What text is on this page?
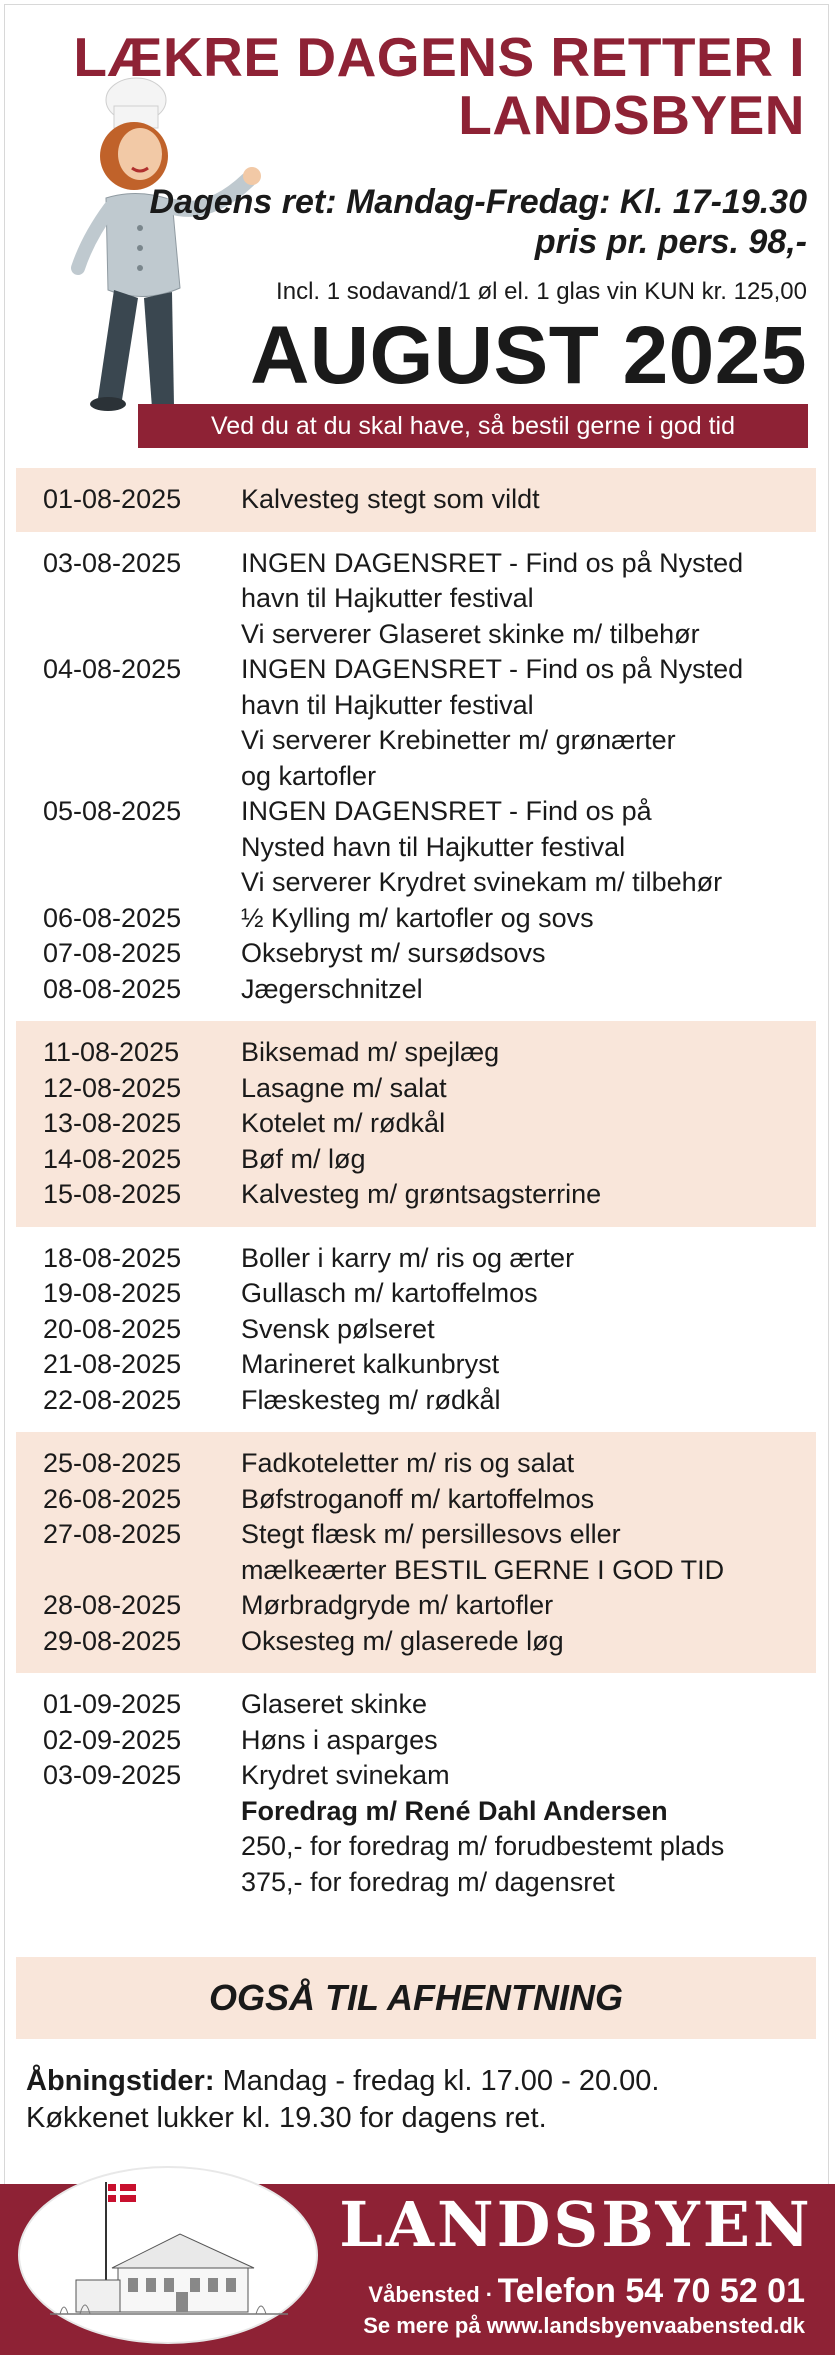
LÆKRE DAGENS RETTER I
LANDSBYEN
Dagens ret: Mandag-Fredag: Kl. 17-19.30
pris pr. pers. 98,-
Incl. 1 sodavand/1 øl el. 1 glas vin KUN kr. 125,00
AUGUST 2025
Ved du at du skal have, så bestil gerne i god tid
01-08-2025	Kalvesteg stegt som vildt
03-08-2025	INGEN DAGENSRET - Find os på Nysted
havn til Hajkutter festival
Vi serverer Glaseret skinke m/ tilbehør
04-08-2025	INGEN DAGENSRET - Find os på Nysted
havn til Hajkutter festival
Vi serverer Krebinetter m/ grønærter
og kartofler
05-08-2025	INGEN DAGENSRET - Find os på
Nysted havn til Hajkutter festival
Vi serverer Krydret svinekam m/ tilbehør
06-08-2025	½ Kylling m/ kartofler og sovs
07-08-2025	Oksebryst m/ sursødsovs
08-08-2025	Jægerschnitzel
11-08-2025	Biksemad m/ spejlæg
12-08-2025	Lasagne m/ salat
13-08-2025	Kotelet m/ rødkål
14-08-2025	Bøf m/ løg
15-08-2025	Kalvesteg m/ grøntsagsterrine
18-08-2025	Boller i karry m/ ris og ærter
19-08-2025	Gullasch m/ kartoffelmos
20-08-2025	Svensk pølseret
21-08-2025	Marineret kalkunbryst
22-08-2025	Flæskesteg m/ rødkål
25-08-2025	Fadkoteletter m/ ris og salat
26-08-2025	Bøfstroganoff m/ kartoffelmos
27-08-2025	Stegt flæsk m/ persillesovs eller
mælkeærter BESTIL GERNE I GOD TID
28-08-2025	Mørbradgryde m/ kartofler
29-08-2025	Oksesteg m/ glaserede løg
01-09-2025	Glaseret skinke
02-09-2025	Høns i asparges
03-09-2025	Krydret svinekam
Foredrag m/ René Dahl Andersen
250,- for foredrag m/ forudbestemt plads
375,- for foredrag m/ dagensret
OGSÅ TIL AFHENTNING
Åbningstider: Mandag - fredag kl. 17.00 - 20.00.
Køkkenet lukker kl. 19.30 for dagens ret.
LANDSBYEN
Vå​bensted · Telefon 54 70 52 01
Se mere på www.landsbyenvaabensted.dk
